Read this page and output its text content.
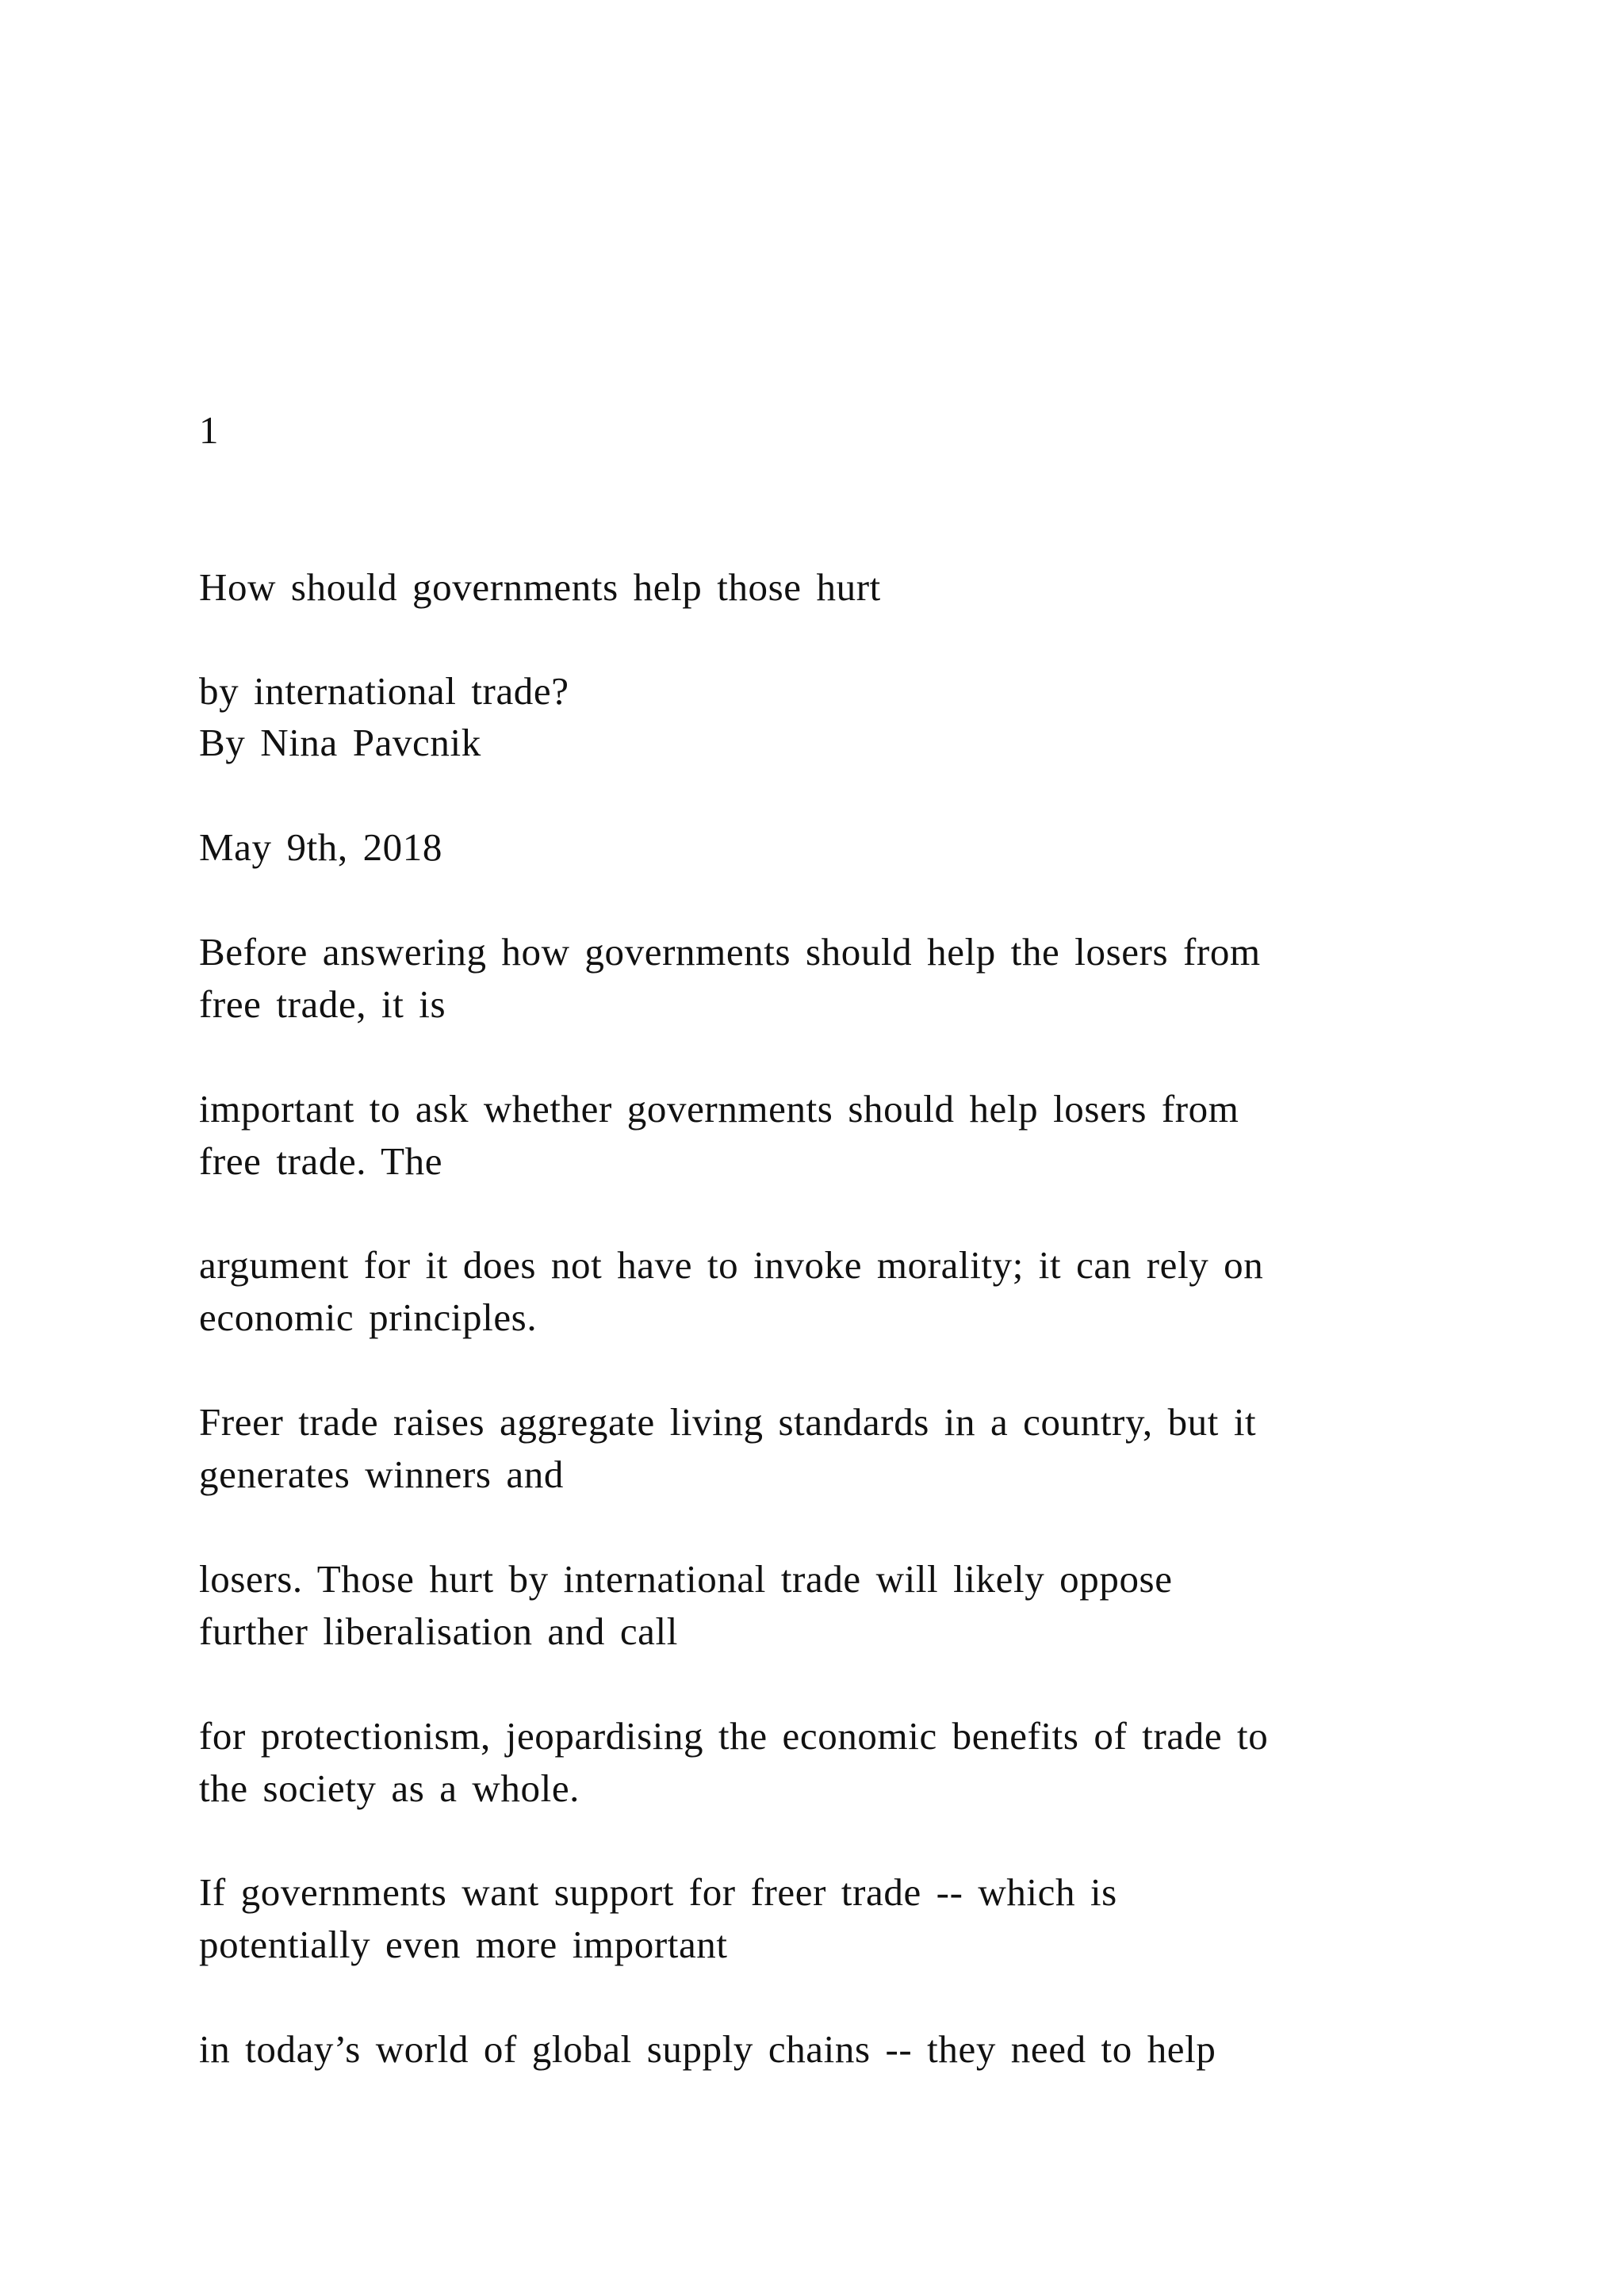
1
How should governments help those hurt
by international trade?
By Nina Pavcnik
May 9th, 2018
Before answering how governments should help the losers from
free trade, it is
important to ask whether governments should help losers from
free trade. The
argument for it does not have to invoke morality; it can rely on
economic principles.
Freer trade raises aggregate living standards in a country, but it
generates winners and
losers. Those hurt by international trade will likely oppose
further liberalisation and call
for protectionism, jeopardising the economic benefits of trade to
the society as a whole.
If governments want support for freer trade -- which is
potentially even more important
in today’s world of global supply chains -- they need to help
